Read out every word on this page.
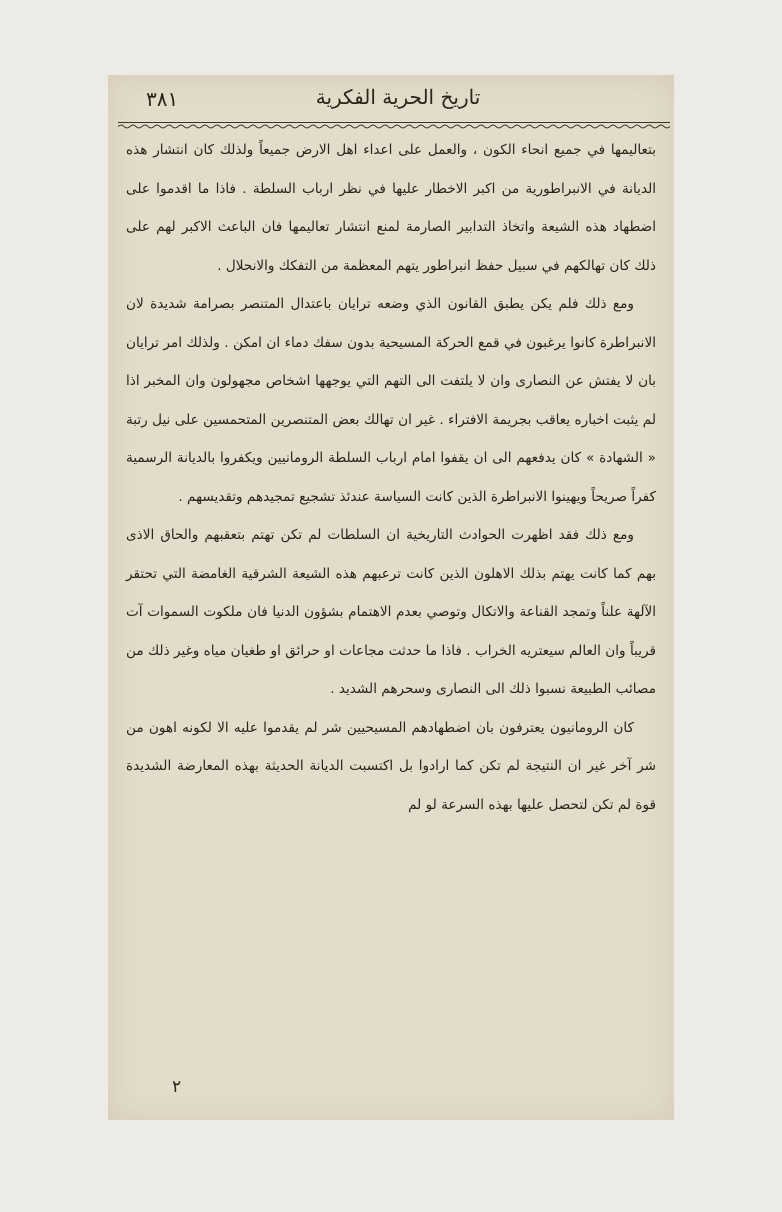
٣٨١	تاريخ الحرية الفكرية

بتعاليمها في جميع انحاء الكون ، والعمل على اعداء اهل الارض جميعاً ولذلك كان انتشار هذه الديانة في الانبراطورية من اكبر الاخطار عليها في نظر ارباب السلطة . فاذا ما اقدموا على اضطهاد هذه الشيعة واتخاذ التدابير الصارمة لمنع انتشار تعاليمها فان الباعث الاكبر لهم على ذلك كان تهالكهم في سبيل حفظ انبراطور يتهم المعظمة من التفكك والانحلال .

ومع ذلك فلم يكن يطبق القانون الذي وضعه ترايان باعتدال المتنصر بصرامة شديدة لان الانبراطرة كانوا يرغبون في قمع الحركة المسيحية بدون سفك دماء ان امكن . ولذلك امر ترايان بان لا يفتش عن النصارى وان لا يلتفت الى التهم التي يوجهها اشخاص مجهولون وان المخبر اذا لم يثبت اخباره يعاقب بجريمة الافتراء . غير ان تهالك بعض المتنصرين المتحمسين على نيل رتبة « الشهادة » كان يدفعهم الى ان يقفوا امام ارباب السلطة الرومانيين ويكفروا بالديانة الرسمية كفراً صريحاً ويهينوا الانبراطرة الذين كانت السياسة عندئذ تشجيع تمجيدهم وتقديسهم .

ومع ذلك فقد اظهرت الحوادث التاريخية ان السلطات لم تكن تهتم بتعقبهم والحاق الاذى بهم كما كانت يهتم بذلك الاهلون الذين كانت ترعبهم هذه الشيعة الشرقية الغامضة التي تحتقر الآلهة علناً وتمجد القناعة والاتكال وتوصي بعدم الاهتمام بشؤون الدنيا فان ملكوت السموات آت قريباً وان العالم سيعتريه الخراب . فاذا ما حدثت مجاعات او حرائق او طغيان مياه وغير ذلك من مصائب الطبيعة نسبوا ذلك الى النصارى وسحرهم الشديد .

كان الرومانيون يعترفون بان اضطهادهم المسيحيين شر لم يقدموا عليه الا لكونه اهون من شر آخر غير ان النتيجة لم تكن كما ارادوا بل اكتسبت الديانة الحديثة بهذه المعارضة الشديدة قوة لم تكن لتحصل عليها بهذه السرعة لو لم

٢
